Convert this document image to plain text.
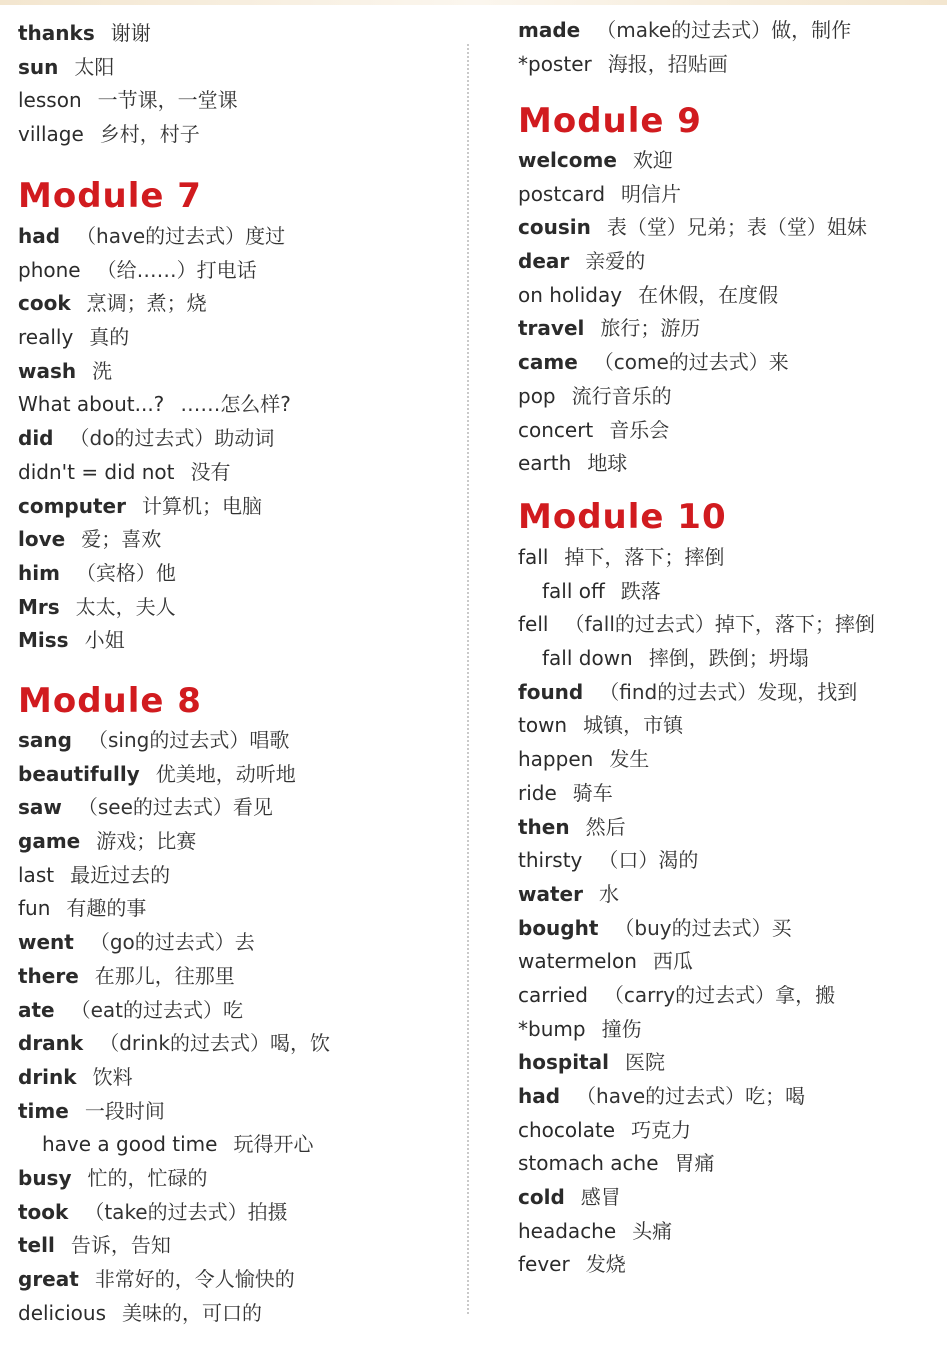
thanks 谢谢
sun 太阳
lesson 一节课，一堂课
village 乡村，村子
Module 7
had （have的过去式）度过
phone （给……）打电话
cook 烹调；煮；烧
really 真的
wash 洗
What about...? ……怎么样?
did （do的过去式）助动词
didn't = did not 没有
computer 计算机；电脑
love 爱；喜欢
him （宾格）他
Mrs 太太，夫人
Miss 小姐
Module 8
sang （sing的过去式）唱歌
beautifully 优美地，动听地
saw （see的过去式）看见
game 游戏；比赛
last 最近过去的
fun 有趣的事
went （go的过去式）去
there 在那儿，往那里
ate （eat的过去式）吃
drank （drink的过去式）喝，饮
drink 饮料
time 一段时间
have a good time 玩得开心
busy 忙的，忙碌的
took （take的过去式）拍摄
tell 告诉，告知
great 非常好的，令人愉快的
delicious 美味的，可口的
made （make的过去式）做，制作
*poster 海报，招贴画
Module 9
welcome 欢迎
postcard 明信片
cousin 表（堂）兄弟；表（堂）姐妹
dear 亲爱的
on holiday 在休假，在度假
travel 旅行；游历
came （come的过去式）来
pop 流行音乐的
concert 音乐会
earth 地球
Module 10
fall 掉下，落下；摔倒
fall off 跌落
fell （fall的过去式）掉下，落下；摔倒
fall down 摔倒，跌倒；坍塌
found （find的过去式）发现，找到
town 城镇，市镇
happen 发生
ride 骑车
then 然后
thirsty （口）渴的
water 水
bought （buy的过去式）买
watermelon 西瓜
carried （carry的过去式）拿，搬
*bump 撞伤
hospital 医院
had （have的过去式）吃；喝
chocolate 巧克力
stomach ache 胃痛
cold 感冒
headache 头痛
fever 发烧
